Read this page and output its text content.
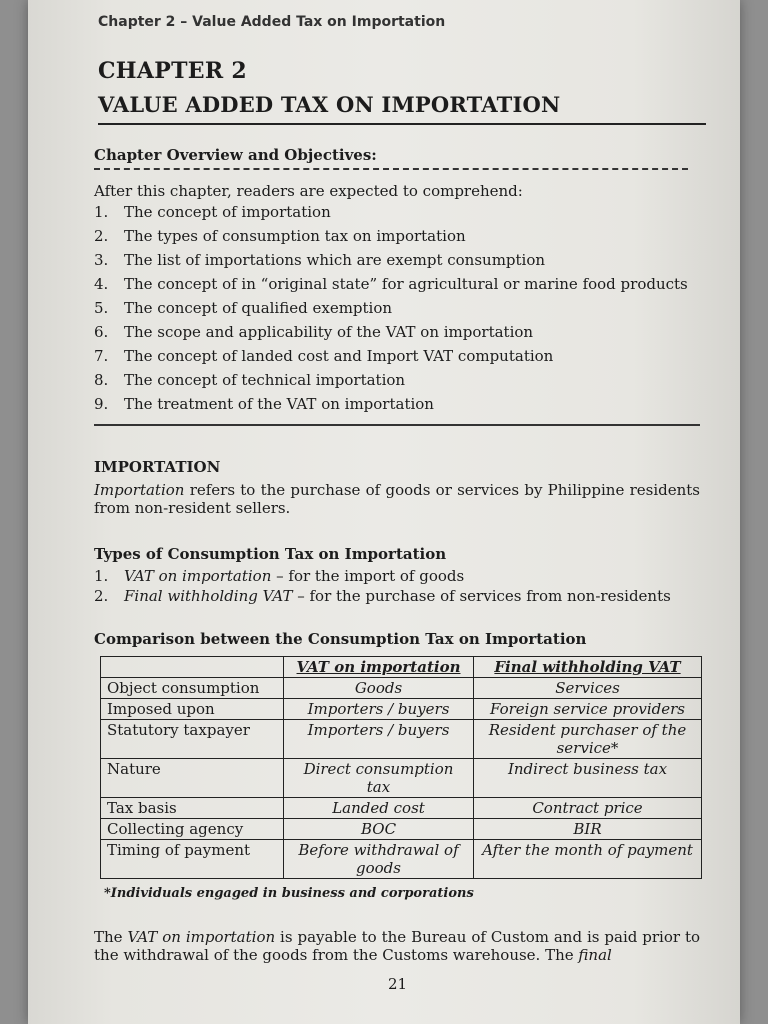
Chapter 2 – Value Added Tax on Importation
CHAPTER 2
VALUE ADDED TAX ON IMPORTATION
Chapter Overview and Objectives:
After this chapter, readers are expected to comprehend:
1.	The concept of importation
2.	The types of consumption tax on importation
3.	The list of importations which are exempt consumption
4.	The concept of in “original state” for agricultural or marine food products
5.	The concept of qualified exemption
6.	The scope and applicability of the VAT on importation
7.	The concept of landed cost and Import VAT computation
8.	The concept of technical importation
9.	The treatment of the VAT on importation
IMPORTATION
Importation refers to the purchase of goods or services by Philippine residents from non-resident sellers.
Types of Consumption Tax on Importation
1.	VAT on importation – for the import of goods
2.	Final withholding VAT – for the purchase of services from non-residents
Comparison between the Consumption Tax on Importation
	VAT on importation	Final withholding VAT
Object consumption	Goods	Services
Imposed upon	Importers / buyers	Foreign service providers
Statutory taxpayer	Importers / buyers	Resident purchaser of the service*
Nature	Direct consumption tax	Indirect business tax
Tax basis	Landed cost	Contract price
Collecting agency	BOC	BIR
Timing of payment	Before withdrawal of goods	After the month of payment
*Individuals engaged in business and corporations
The VAT on importation is payable to the Bureau of Custom and is paid prior to the withdrawal of the goods from the Customs warehouse. The final
21
